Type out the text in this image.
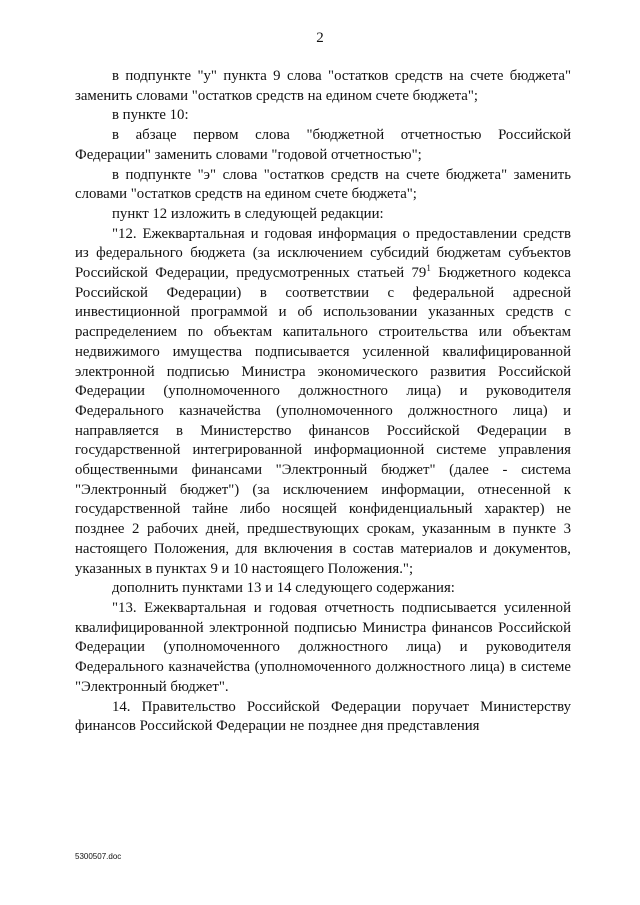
2

в подпункте "у" пункта 9 слова "остатков средств на счете бюджета" заменить словами "остатков средств на едином счете бюджета";

в пункте 10:

в абзаце первом слова "бюджетной отчетностью Российской Федерации" заменить словами "годовой отчетностью";

в подпункте "э" слова "остатков средств на счете бюджета" заменить словами "остатков средств на едином счете бюджета";

пункт 12 изложить в следующей редакции:

"12. Ежеквартальная и годовая информация о предоставлении средств из федерального бюджета (за исключением субсидий бюджетам субъектов Российской Федерации, предусмотренных статьей $79^1$ Бюджетного кодекса Российской Федерации) в соответствии с федеральной адресной инвестиционной программой и об использовании указанных средств с распределением по объектам капитального строительства или объектам недвижимого имущества подписывается усиленной квалифицированной электронной подписью Министра экономического развития Российской Федерации (уполномоченного должностного лица) и руководителя Федерального казначейства (уполномоченного должностного лица) и направляется в Министерство финансов Российской Федерации в государственной интегрированной информационной системе управления общественными финансами "Электронный бюджет" (далее - система "Электронный бюджет") (за исключением информации, отнесенной к государственной тайне либо носящей конфиденциальный характер) не позднее 2 рабочих дней, предшествующих срокам, указанным в пункте 3 настоящего Положения, для включения в состав материалов и документов, указанных в пунктах 9 и 10 настоящего Положения.";

дополнить пунктами 13 и 14 следующего содержания:

"13. Ежеквартальная и годовая отчетность подписывается усиленной квалифицированной электронной подписью Министра финансов Российской Федерации (уполномоченного должностного лица) и руководителя Федерального казначейства (уполномоченного должностного лица) в системе "Электронный бюджет".

14. Правительство Российской Федерации поручает Министерству финансов Российской Федерации не позднее дня представления

5300507.doc
